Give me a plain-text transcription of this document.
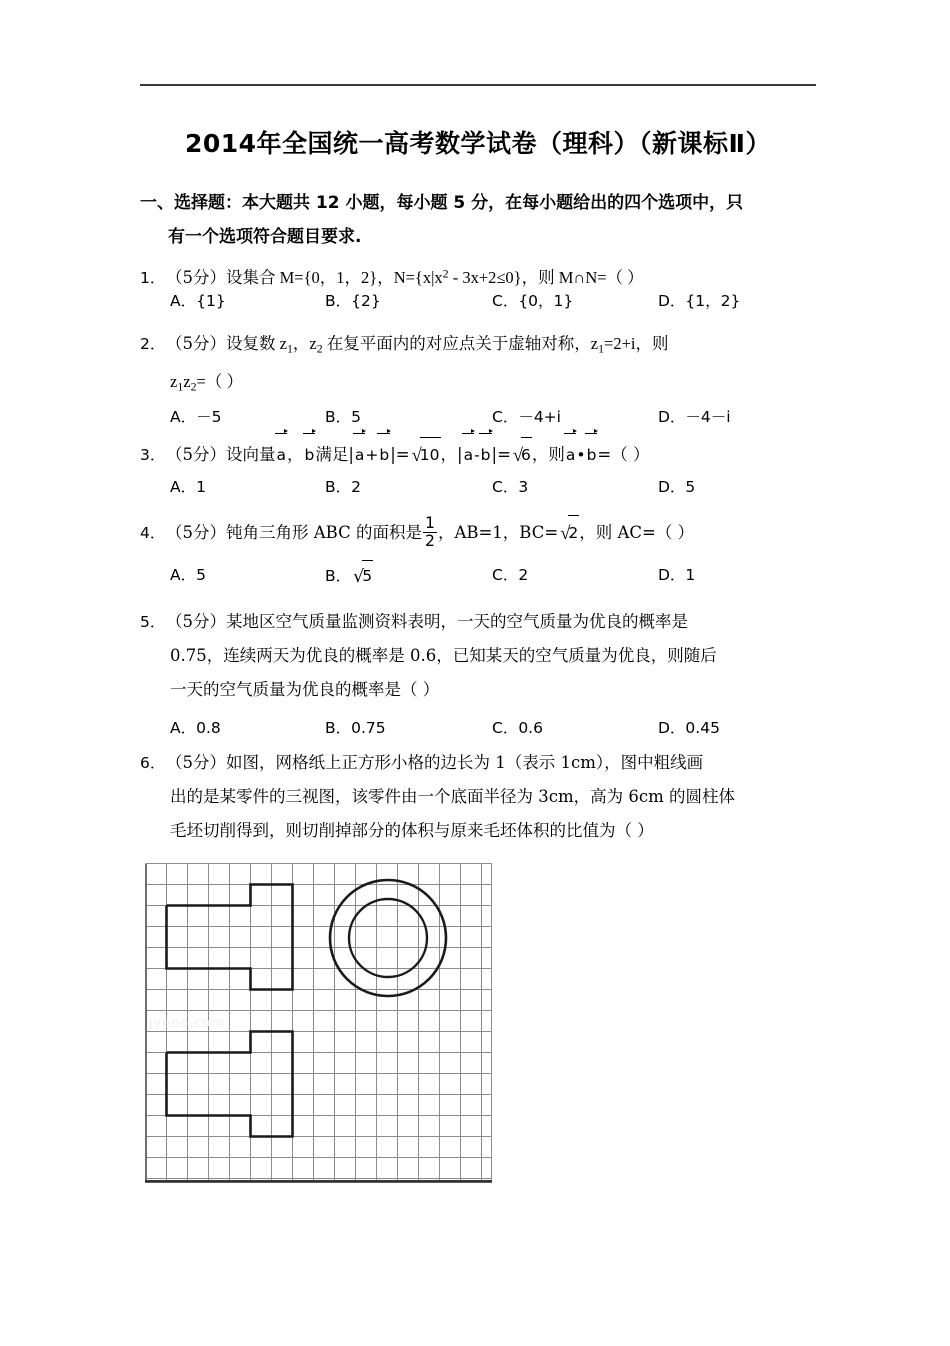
2014年全国统一高考数学试卷（理科）（新课标Ⅱ）
一、选择题：本大题共 12 小题，每小题 5 分，在每小题给出的四个选项中，只
有一个选项符合题目要求.
1．（5分）设集合 M={0，1，2}，$N=\{x|x^2 - 3x+2\le 0\}$，则 M∩N=（ ）
A．{1}	B．{2}	C．{0，1}	D．{1，2}
2．（5分）设复数 $z_1$，$z_2$ 在复平面内的对应点关于虚轴对称，$z_1=2+i$，则
$z_1z_2=$（ ）
A．－5	B．5	C．－4+i	D．－4－i
3．（5分）设向量a，b满足|a+b|= √10，|a-b|= √6，则a•b=（ ）
A．1	B．2	C．3	D．5
4．（5分）钝角三角形 ABC 的面积是 $\frac{1}{2}$ ，AB=1，BC= √2，则 AC=（ ）
A．5	B． √5	C．2	D．1
5．（5分）某地区空气质量监测资料表明，一天的空气质量为优良的概率是
0.75，连续两天为优良的概率是 0.6，已知某天的空气质量为优良，则随后
一天的空气质量为优良的概率是（ ）
A．0.8	B．0.75	C．0.6	D．0.45
6．（5分）如图，网格纸上正方形小格的边长为 1（表示 1cm），图中粗线画
出的是某零件的三视图，该零件由一个底面半径为 3cm，高为 6cm 的圆柱体
毛坯切削得到，则切削掉部分的体积与原来毛坯体积的比值为（ ）
jyeoo.com
